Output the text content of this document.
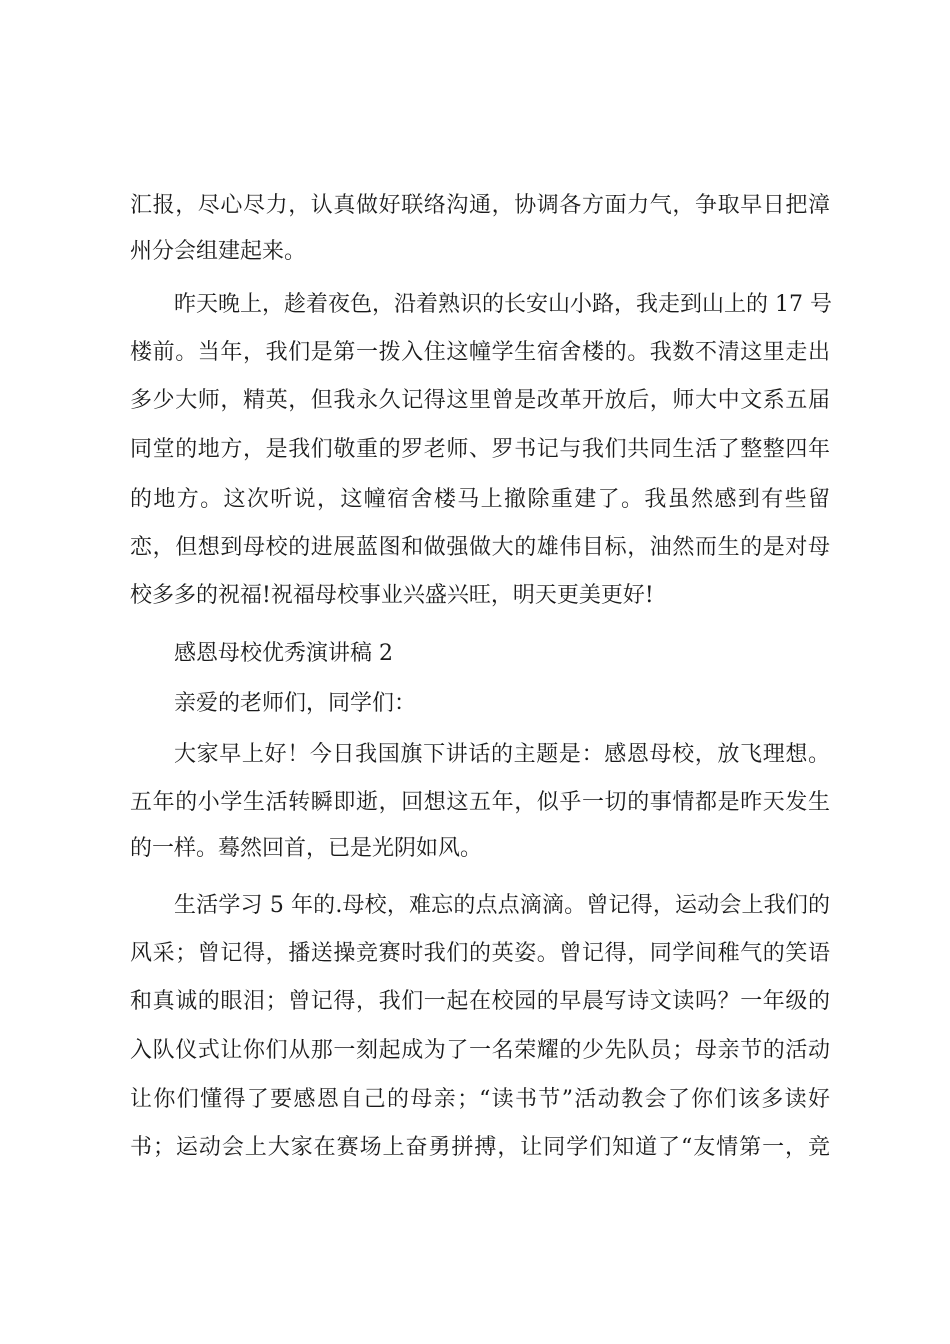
汇报，尽心尽力，认真做好联络沟通，协调各方面力气，争取早日把漳

州分会组建起来。

昨天晚上，趁着夜色，沿着熟识的长安山小路，我走到山上的 17 号

楼前。当年，我们是第一拨入住这幢学生宿舍楼的。我数不清这里走出

多少大师，精英，但我永久记得这里曾是改革开放后，师大中文系五届

同堂的地方，是我们敬重的罗老师、罗书记与我们共同生活了整整四年

的地方。这次听说，这幢宿舍楼马上撤除重建了。我虽然感到有些留

恋，但想到母校的进展蓝图和做强做大的雄伟目标，油然而生的是对母

校多多的祝福!祝福母校事业兴盛兴旺，明天更美更好!

感恩母校优秀演讲稿 2

亲爱的老师们，同学们：

大家早上好！今日我国旗下讲话的主题是：感恩母校，放飞理想。

五年的小学生活转瞬即逝，回想这五年，似乎一切的事情都是昨天发生

的一样。蓦然回首，已是光阴如风。

生活学习 5 年的.母校，难忘的点点滴滴。曾记得，运动会上我们的

风采；曾记得，播送操竞赛时我们的英姿。曾记得，同学间稚气的笑语

和真诚的眼泪；曾记得，我们一起在校园的早晨写诗文读吗？一年级的

入队仪式让你们从那一刻起成为了一名荣耀的少先队员；母亲节的活动

让你们懂得了要感恩自己的母亲；“读书节”活动教会了你们该多读好

书；运动会上大家在赛场上奋勇拼搏，让同学们知道了“友情第一，竞
